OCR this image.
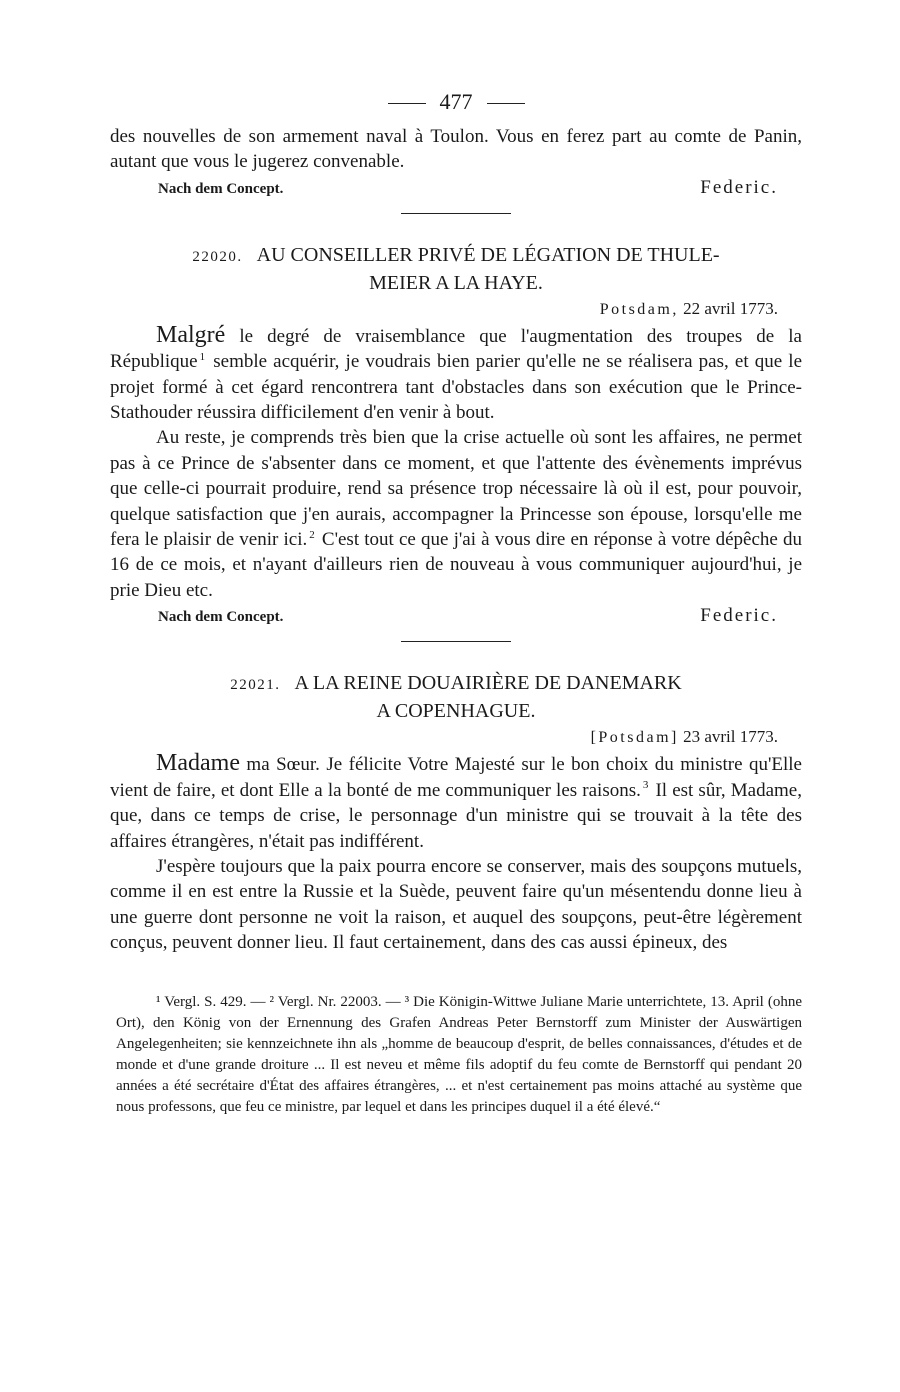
477

des nouvelles de son armement naval à Toulon. Vous en ferez part au comte de Panin, autant que vous le jugerez convenable.

Nach dem Concept.	Federic.
22020. AU CONSEILLER PRIVÉ DE LÉGATION DE THULE-
MEIER A LA HAYE.
Potsdam, 22 avril 1773.

Malgré le degré de vraisemblance que l'augmentation des troupes de la République $^1$ semble acquérir, je voudrais bien parier qu'elle ne se réalisera pas, et que le projet formé à cet égard rencontrera tant d'obstacles dans son exécution que le Prince-Stathouder réussira difficilement d'en venir à bout.

Au reste, je comprends très bien que la crise actuelle où sont les affaires, ne permet pas à ce Prince de s'absenter dans ce moment, et que l'attente des évènements imprévus que celle-ci pourrait produire, rend sa présence trop nécessaire là où il est, pour pouvoir, quelque satisfaction que j'en aurais, accompagner la Princesse son épouse, lorsqu'elle me fera le plaisir de venir ici. $^2$ C'est tout ce que j'ai à vous dire en réponse à votre dépêche du 16 de ce mois, et n'ayant d'ailleurs rien de nouveau à vous communiquer aujourd'hui, je prie Dieu etc.

Nach dem Concept.	Federic.
22021. A LA REINE DOUAIRIÈRE DE DANEMARK
A COPENHAGUE.
[Potsdam] 23 avril 1773.

Madame ma Sœur. Je félicite Votre Majesté sur le bon choix du ministre qu'Elle vient de faire, et dont Elle a la bonté de me communiquer les raisons. $^3$ Il est sûr, Madame, que, dans ce temps de crise, le personnage d'un ministre qui se trouvait à la tête des affaires étrangères, n'était pas indifférent.

J'espère toujours que la paix pourra encore se conserver, mais des soupçons mutuels, comme il en est entre la Russie et la Suède, peuvent faire qu'un mésentendu donne lieu à une guerre dont personne ne voit la raison, et auquel des soupçons, peut-être légèrement conçus, peuvent donner lieu. Il faut certainement, dans des cas aussi épineux, des

¹ Vergl. S. 429. — ² Vergl. Nr. 22003. — ³ Die Königin-Wittwe Juliane Marie unterrichtete, 13. April (ohne Ort), den König von der Ernennung des Grafen Andreas Peter Bernstorff zum Minister der Auswärtigen Angelegenheiten; sie kennzeichnete ihn als „homme de beaucoup d'esprit, de belles connaissances, d'études et de monde et d'une grande droiture ... Il est neveu et même fils adoptif du feu comte de Bernstorff qui pendant 20 années a été secrétaire d'État des affaires étrangères, ... et n'est certainement pas moins attaché au système que nous professons, que feu ce ministre, par lequel et dans les principes duquel il a été élevé.“
